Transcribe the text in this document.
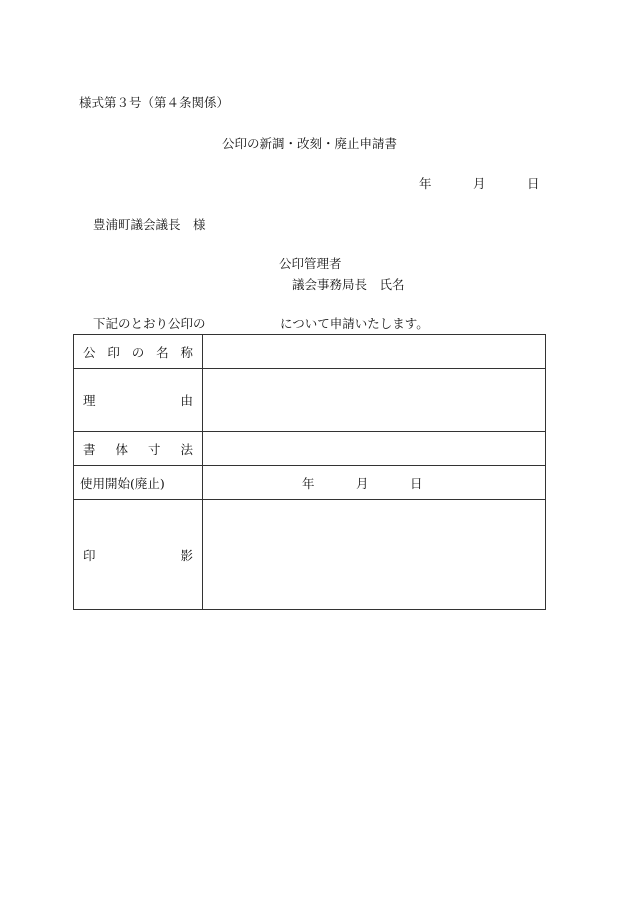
様式第３号（第４条関係）
公印の新調・改刻・廃止申請書
年	月	日
豊浦町議会議長　様
公印管理者
議会事務局長　氏名
下記のとおり公印の	について申請いたします。
公 印 の 名 称	

理 由	

書 体 寸 法	

使用開始(廃止)	年 月 日

印 影	
